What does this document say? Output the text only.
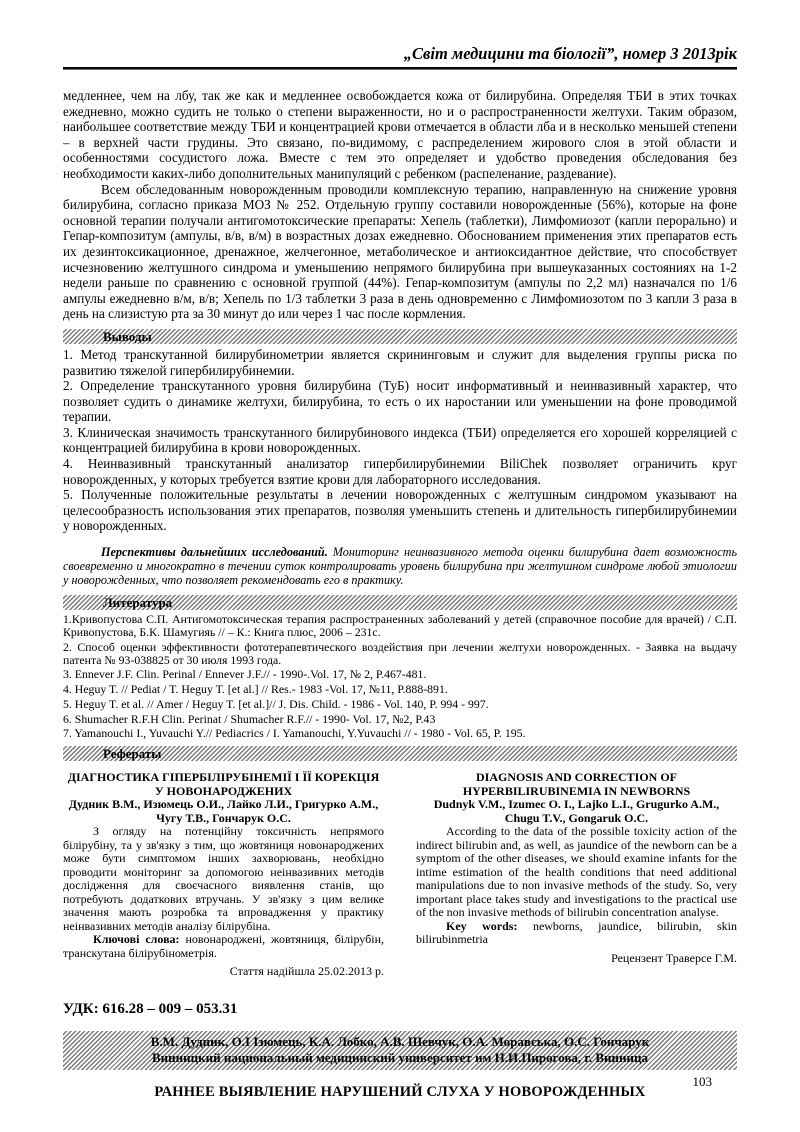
„Світ медицини та біології”, номер 3 2013рік

медленнее, чем на лбу, так же как и медленнее освобождается кожа от билирубина. Определяя ТБИ в этих точках ежедневно, можно судить не только о степени выраженности, но и о распространенности желтухи. Таким образом, наибольшее соответствие между ТБИ и концентрацией крови отмечается в области лба и в несколько меньшей степени – в верхней части грудины. Это связано, по-видимому, с распределением жирового слоя в этой области и особенностями сосудистого ложа. Вместе с тем это определяет и удобство проведения обследования без необходимости каких-либо дополнительных манипуляций с ребенком (распеленание, раздевание).

Всем обследованным новорожденным проводили комплексную терапию, направленную на снижение уровня билирубина, согласно приказа МОЗ № 252. Отдельную группу составили новорожденные (56%), которые на фоне основной терапии получали антигомотоксические препараты: Хепель (таблетки), Лимфомиозот (капли перорально) и Гепар-композитум (ампулы, в/в, в/м) в возрастных дозах ежедневно. Обоснованием применения этих препаратов есть их дезинтоксикационное, дренажное, желчегонное, метаболическое и антиоксидантное действие, что способствует исчезновению желтушного синдрома и уменьшению непрямого билирубина при вышеуказанных состояниях на 1-2 недели раньше по сравнению с основной группой (44%). Гепар-композитум (ампулы по 2,2 мл) назначался по 1/6 ампулы ежедневно в/м, в/в; Хепель по 1/3 таблетки 3 раза в день одновременно с Лимфомиозотом по 3 капли 3 раза в день на слизистую рта за 30 минут до или через 1 час после кормления.

Выводы

1. Метод транскутанной билирубинометрии является скрининговым и служит для выделения группы риска по развитию тяжелой гипербилирубинемии.

2. Определение транскутанного уровня билирубина (ТуБ) носит информативный и неинвазивный характер, что позволяет судить о динамике желтухи, билирубина, то есть о их наростании или уменьшении на фоне проводимой терапии.

3. Клиническая значимость транскутанного билирубинового индекса (ТБИ) определяется его хорошей корреляцией с концентрацией билирубина в крови новорожденных.

4. Неинвазивный транскутанный анализатор гипербилирубинемии BiliChek позволяет ограничить круг новорожденных, у которых требуется взятие крови для лабораторного исследования.

5. Полученные положительные результаты в лечении новорожденных с желтушным синдромом указывают на целесообразность использования этих препаратов, позволяя уменьшить степень и длительность гипербилирубинемии у новорожденных.

Перспективы дальнейших исследований. Мониторинг неинвазивного метода оценки билирубина дает возможность своевременно и многократно в течении суток контролировать уровень билирубина при желтушном синдроме любой этиологии у новорожденных, что позволяет рекомендовать его в практику.

Литература

1.Кривопустова С.П. Антигомотоксическая терапия распространенных заболеваний у детей (справочное пособие для врачей) / С.П. Кривопустова, Б.К. Шамугияь // – К.: Книга плюс, 2006 – 231с.

2. Способ оценки эффективности фототерапевтического воздействия при лечении желтухи новорожденных. - Заявка на выдачу патента № 93-038825 от 30 июля 1993 года.

3. Ennever J.F. Clin. Perinal / Ennever J.F.// - 1990-.Vol. 17, № 2, P.467-481.

4. Heguy T. // Pediat / T. Heguy T. [et al.] // Res.- 1983 -Vol. 17, №11, P.888-891.

5. Heguy T. et al. // Amer / Heguy T. [et al.]// J. Dis. Child. - 1986 - Vol. 140, P. 994 - 997.

6. Shumacher R.F.H Clin. Perinat / Shumacher R.F.// - 1990- Vol. 17, №2, P.43

7. Yamanouchi I., Yuvauchi Y.// Pediacrics / I. Yamanouchi, Y.Yuvauchi // - 1980 - Vol. 65, P. 195.

Рефераты
ДІАГНОСТИКА ГІПЕРБІЛІРУБІНЕМІЇ І ЇЇ КОРЕКЦІЯ У НОВОНАРОДЖЕНИХ
Дудник В.М., Изюмець О.И., Лайко Л.И., Григурко А.М., Чугу Т.В., Гончарук О.С.

З огляду на потенційну токсичність непрямого білірубіну, та у зв'язку з тим, що жовтяниця новонароджених може бути симптомом інших захворювань, необхідно проводити моніторинг за допомогою неінвазивних методів дослідження для своєчасного виявлення станів, що потребують додаткових втручань. У зв'язку з цим велике значення мають розробка та впровадження у практику неінвазивних методів аналізу білірубіна.

Ключові слова: новонароджені, жовтяниця, білірубін, транскутана білірубінометрія.

Стаття надійшла 25.02.2013 р.
DIAGNOSIS AND CORRECTION OF HYPERBILIRUBINEMIA IN NEWBORNS
Dudnyk V.M., Izumec O. I., Lajko L.I., Grugurko A.M., Chugu T.V., Gongaruk O.C.

According to the data of the possible toxicity action of the indirect bilirubin and, as well, as jaundice of the newborn can be a symptom of the other diseases, we should examine infants for the intime estimation of the health conditions that need additional manipulations due to non invasive methods of the study. So, very important place takes study and investigations to the practical use of the non invasive methods of bilirubin concentration analyse.

Key words: newborns, jaundice, bilirubin, skin bilirubinmetria

Рецензент Траверсе Г.М.
УДК: 616.28 – 009 – 053.31
В.М. Дудник, О.І Ізюмець, К.А. Лобко, А.В. Шевчук, О.А. Моравська, О.С. Гончарук
Винницкий национальный медицинский университет им Н.И.Пирогова, г. Винница
РАННЕЕ ВЫЯВЛЕНИЕ НАРУШЕНИЙ СЛУХА У НОВОРОЖДЕННЫХ
103
